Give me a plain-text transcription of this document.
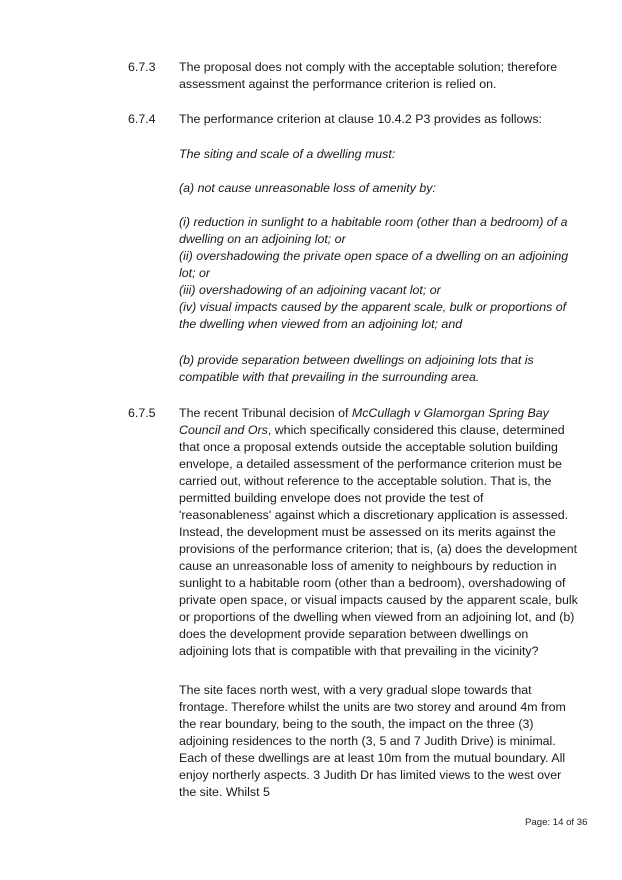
6.7.3	The proposal does not comply with the acceptable solution; therefore assessment against the performance criterion is relied on.
6.7.4	The performance criterion at clause 10.4.2 P3 provides as follows:
The siting and scale of a dwelling must:
(a) not cause unreasonable loss of amenity by:

(i) reduction in sunlight to a habitable room (other than a bedroom) of a dwelling on an adjoining lot; or

(ii) overshadowing the private open space of a dwelling on an adjoining lot; or

(iii) overshadowing of an adjoining vacant lot; or

(iv) visual impacts caused by the apparent scale, bulk or proportions of the dwelling when viewed from an adjoining lot; and

(b) provide separation between dwellings on adjoining lots that is compatible with that prevailing in the surrounding area.
6.7.5	The recent Tribunal decision of McCullagh v Glamorgan Spring Bay Council and Ors, which specifically considered this clause, determined that once a proposal extends outside the acceptable solution building envelope, a detailed assessment of the performance criterion must be carried out, without reference to the acceptable solution. That is, the permitted building envelope does not provide the test of 'reasonableness' against which a discretionary application is assessed. Instead, the development must be assessed on its merits against the provisions of the performance criterion; that is, (a) does the development cause an unreasonable loss of amenity to neighbours by reduction in sunlight to a habitable room (other than a bedroom), overshadowing of private open space, or visual impacts caused by the apparent scale, bulk or proportions of the dwelling when viewed from an adjoining lot, and (b) does the development provide separation between dwellings on adjoining lots that is compatible with that prevailing in the vicinity?

The site faces north west, with a very gradual slope towards that frontage. Therefore whilst the units are two storey and around 4m from the rear boundary, being to the south, the impact on the three (3) adjoining residences to the north (3, 5 and 7 Judith Drive) is minimal. Each of these dwellings are at least 10m from the mutual boundary. All enjoy northerly aspects. 3 Judith Dr has limited views to the west over the site. Whilst 5
Page: 14 of 36
